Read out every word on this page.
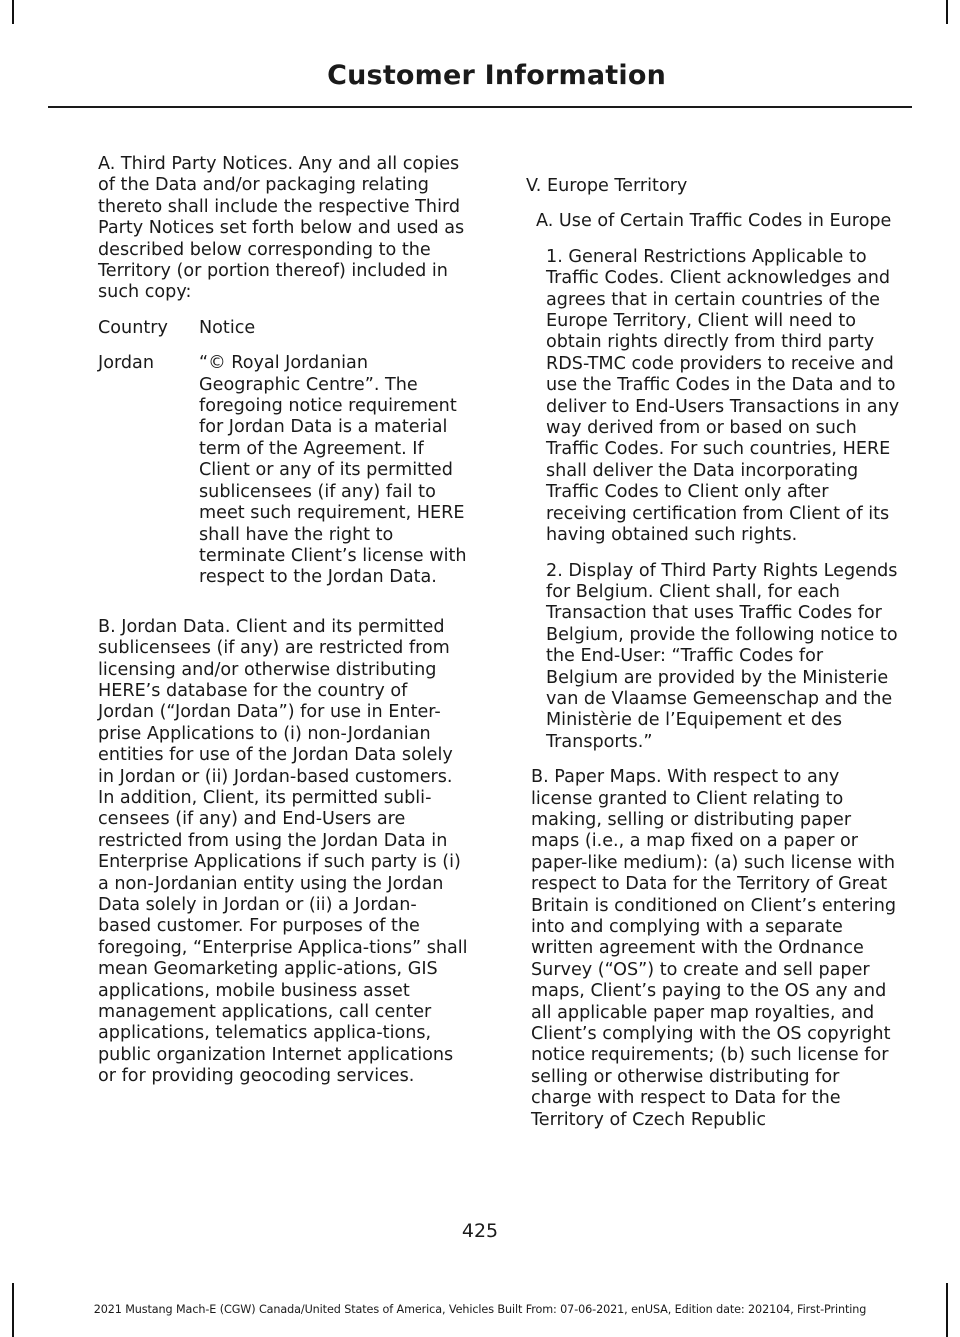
Customer Information

A. Third Party Notices. Any and all copies of the Data and/or packaging relating thereto shall include the respective Third Party Notices set forth below and used as described below corresponding to the Territory (or portion thereof) included in such copy:

Country	Notice
Jordan	“© Royal Jordanian Geographic Centre”. The foregoing notice requirement for Jordan Data is a material term of the Agreement. If Client or any of its permitted sublicensees (if any) fail to meet such requirement, HERE shall have the right to terminate Client’s license with respect to the Jordan Data.

B. Jordan Data. Client and its permitted sublicensees (if any) are restricted from licensing and/or otherwise distributing HERE’s database for the country of Jordan (“Jordan Data”) for use in Enter-prise Applications to (i) non-Jordanian entities for use of the Jordan Data solely in Jordan or (ii) Jordan-based customers. In addition, Client, its permitted subli-censees (if any) and End-Users are restricted from using the Jordan Data in Enterprise Applications if such party is (i) a non-Jordanian entity using the Jordan Data solely in Jordan or (ii) a Jordan-based customer. For purposes of the foregoing, “Enterprise Applica-tions” shall mean Geomarketing applic-ations, GIS applications, mobile business asset management applications, call center applications, telematics applica-tions, public organization Internet applications or for providing geocoding services.

V. Europe Territory

A. Use of Certain Traffic Codes in Europe

1. General Restrictions Applicable to Traffic Codes. Client acknowledges and agrees that in certain countries of the Europe Territory, Client will need to obtain rights directly from third party RDS-TMC code providers to receive and use the Traffic Codes in the Data and to deliver to End-Users Transactions in any way derived from or based on such Traffic Codes. For such countries, HERE shall deliver the Data incorporating Traffic Codes to Client only after receiving certification from Client of its having obtained such rights.

2. Display of Third Party Rights Legends for Belgium. Client shall, for each Transaction that uses Traffic Codes for Belgium, provide the following notice to the End-User: “Traffic Codes for Belgium are provided by the Ministerie van de Vlaamse Gemeenschap and the Ministèrie de l’Equipement et des Transports.”

B. Paper Maps. With respect to any license granted to Client relating to making, selling or distributing paper maps (i.e., a map fixed on a paper or paper-like medium): (a) such license with respect to Data for the Territory of Great Britain is conditioned on Client’s entering into and complying with a separate written agreement with the Ordnance Survey (“OS”) to create and sell paper maps, Client’s paying to the OS any and all applicable paper map royalties, and Client’s complying with the OS copyright notice requirements; (b) such license for selling or otherwise distributing for charge with respect to Data for the Territory of Czech Republic

425
2021 Mustang Mach-E (CGW) Canada/United States of America, Vehicles Built From: 07-06-2021, enUSA, Edition date: 202104, First-Printing
